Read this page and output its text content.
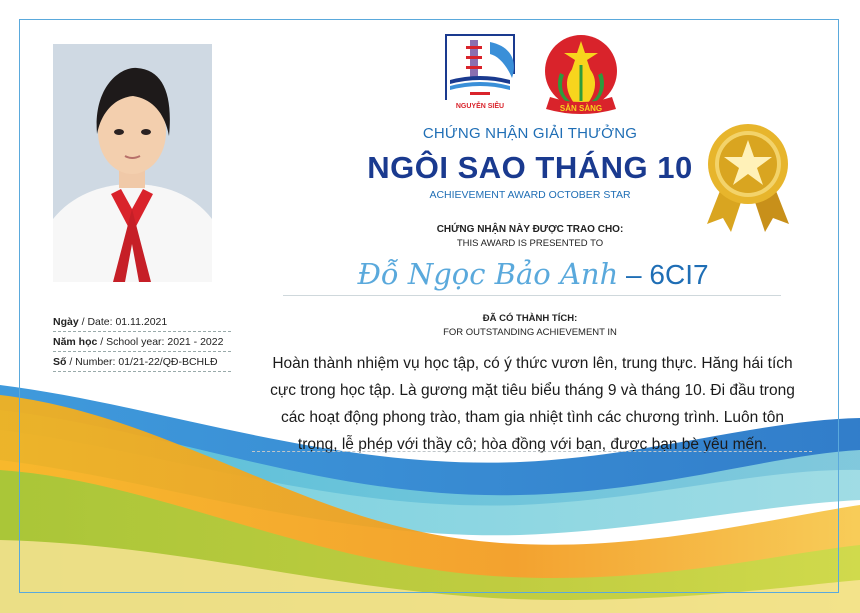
Ngày / Date: 01.11.2021
Năm học / School year: 2021 - 2022
Số / Number: 01/21-22/QĐ-BCHLĐ
NGUYỄN SIÊU	SẴN SÀNG
CHỨNG NHẬN GIẢI THƯỞNG
NGÔI SAO THÁNG 10
ACHIEVEMENT AWARD OCTOBER STAR
CHỨNG NHẬN NÀY ĐƯỢC TRAO CHO:
THIS AWARD IS PRESENTED TO
Đỗ Ngọc Bảo Anh – 6CI7
ĐÃ CÓ THÀNH TÍCH:
FOR OUTSTANDING ACHIEVEMENT IN
Hoàn thành nhiệm vụ học tập, có ý thức vươn lên, trung thực. Hăng hái tích
cực trong học tập. Là gương mặt tiêu biểu tháng 9 và tháng 10. Đi đầu trong
các hoạt động phong trào, tham gia nhiệt tình các chương trình. Luôn tôn
trọng, lễ phép với thầy cô; hòa đồng với bạn, được bạn bè yêu mến.
